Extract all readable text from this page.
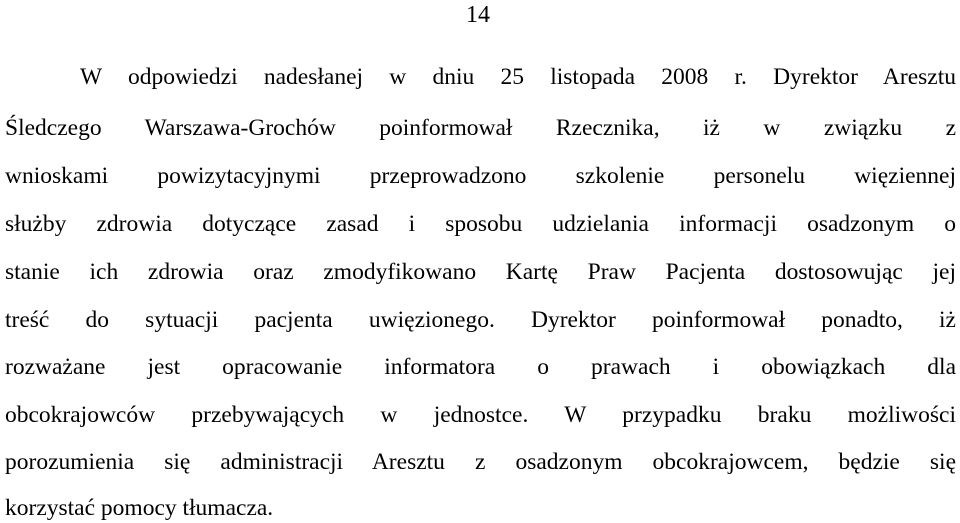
14
W odpowiedzi nadesłanej w dniu 25 listopada 2008 r. Dyrektor Aresztu
Śledczego Warszawa-Grochów poinformował Rzecznika, iż w związku z
wnioskami powizytacyjnymi przeprowadzono szkolenie personelu więziennej
służby zdrowia dotyczące zasad i sposobu udzielania informacji osadzonym o
stanie ich zdrowia oraz zmodyfikowano Kartę Praw Pacjenta dostosowując jej
treść do sytuacji pacjenta uwięzionego. Dyrektor poinformował ponadto, iż
rozważane jest opracowanie informatora o prawach i obowiązkach dla
obcokrajowców przebywających w jednostce. W przypadku braku możliwości
porozumienia się administracji Aresztu z osadzonym obcokrajowcem, będzie się
korzystać pomocy tłumacza.
